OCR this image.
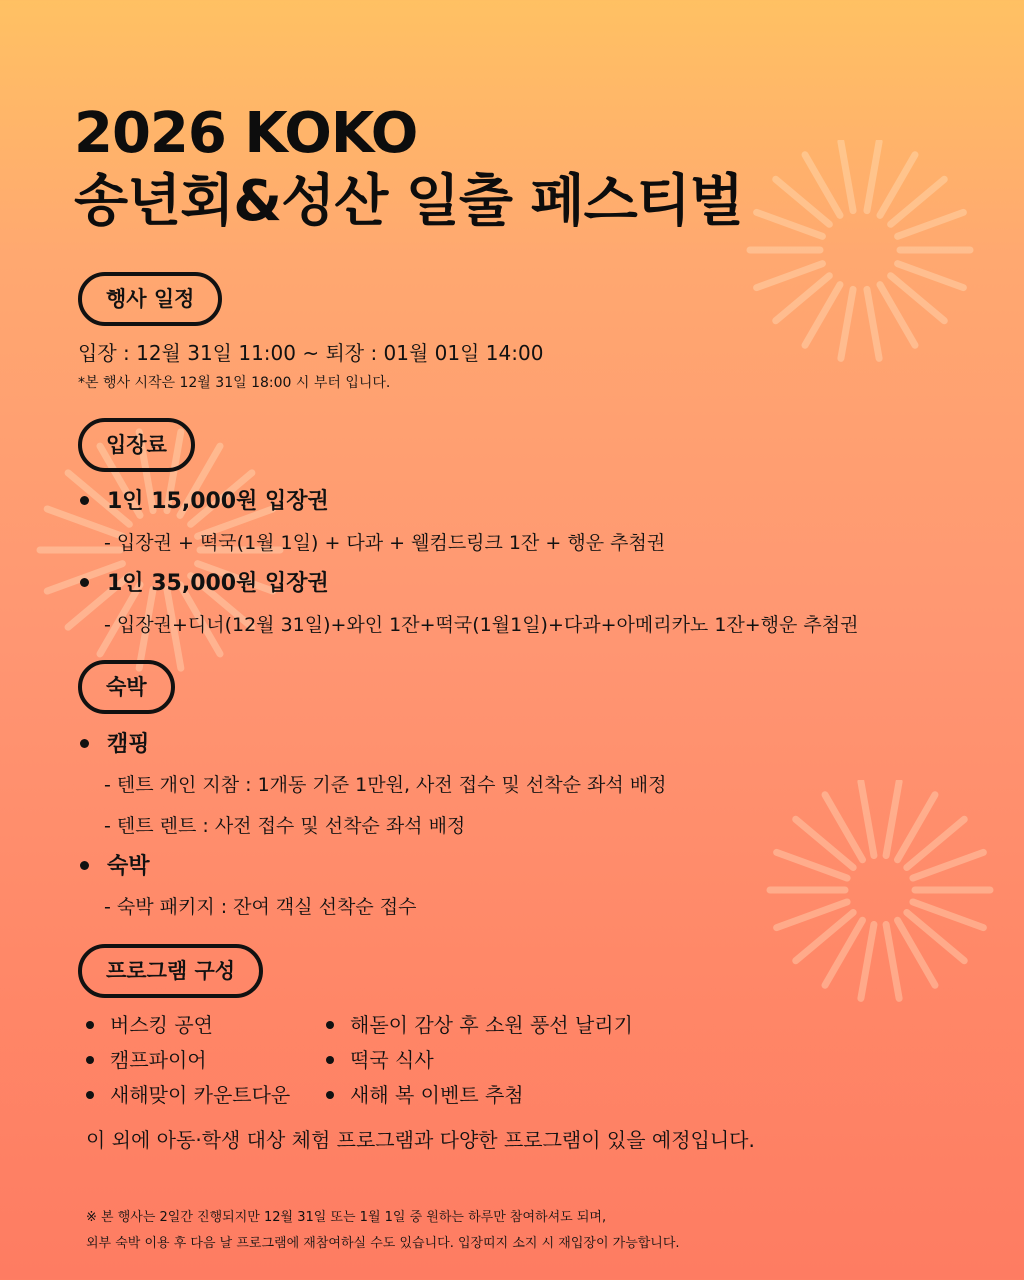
2026 KOKO
송년회&성산 일출 페스티벌
행사 일정
입장 : 12월 31일 11:00 ~ 퇴장 : 01월 01일 14:00
*본 행사 시작은 12월 31일 18:00 시 부터 입니다.
입장료
1인 15,000원 입장권
- 입장권 + 떡국(1월 1일) + 다과 + 웰컴드링크 1잔 + 행운 추첨권
1인 35,000원 입장권
- 입장권+디너(12월 31일)+와인 1잔+떡국(1월1일)+다과+아메리카노 1잔+행운 추첨권
숙박
캠핑
- 텐트 개인 지참 : 1개동 기준 1만원, 사전 접수 및 선착순 좌석 배정
- 텐트 렌트 : 사전 접수 및 선착순 좌석 배정
숙박
- 숙박 패키지 : 잔여 객실 선착순 접수
프로그램 구성
버스킹 공연
캠프파이어
새해맞이 카운트다운
해돋이 감상 후 소원 풍선 날리기
떡국 식사
새해 복 이벤트 추첨
이 외에 아동·학생 대상 체험 프로그램과 다양한 프로그램이 있을 예정입니다.
※ 본 행사는 2일간 진행되지만 12월 31일 또는 1월 1일 중 원하는 하루만 참여하셔도 되며,
외부 숙박 이용 후 다음 날 프로그램에 재참여하실 수도 있습니다. 입장띠지 소지 시 재입장이 가능합니다.
